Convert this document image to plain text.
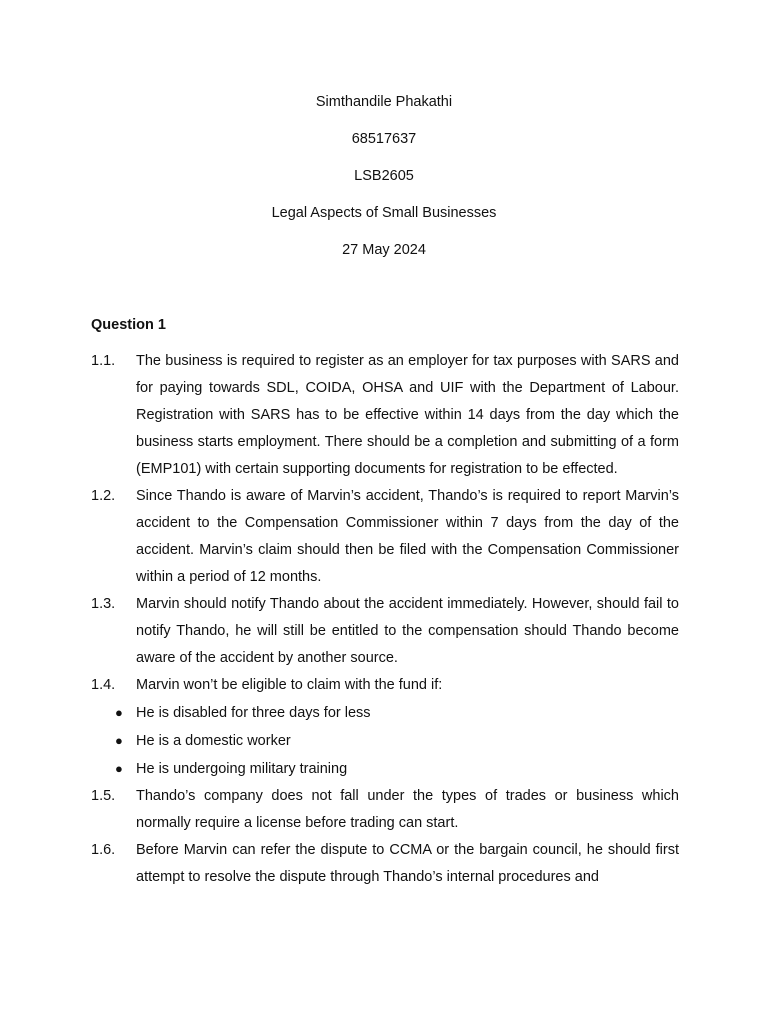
Simthandile Phakathi
68517637
LSB2605
Legal Aspects of Small Businesses
27 May 2024
Question 1
1.1.	The business is required to register as an employer for tax purposes with SARS and for paying towards SDL, COIDA, OHSA and UIF with the Department of Labour. Registration with SARS has to be effective within 14 days from the day which the business starts employment. There should be a completion and submitting of a form (EMP101) with certain supporting documents for registration to be effected.
1.2.	Since Thando is aware of Marvin’s accident, Thando’s is required to report Marvin’s accident to the Compensation Commissioner within 7 days from the day of the accident. Marvin’s claim should then be filed with the Compensation Commissioner within a period of 12 months.
1.3.	Marvin should notify Thando about the accident immediately. However, should fail to notify Thando, he will still be entitled to the compensation should Thando become aware of the accident by another source.
1.4.	Marvin won’t be eligible to claim with the fund if:
● He is disabled for three days for less
● He is a domestic worker
● He is undergoing military training
1.5.	Thando’s company does not fall under the types of trades or business which normally require a license before trading can start.
1.6.	Before Marvin can refer the dispute to CCMA or the bargain council, he should first attempt to resolve the dispute through Thando’s internal procedures and
